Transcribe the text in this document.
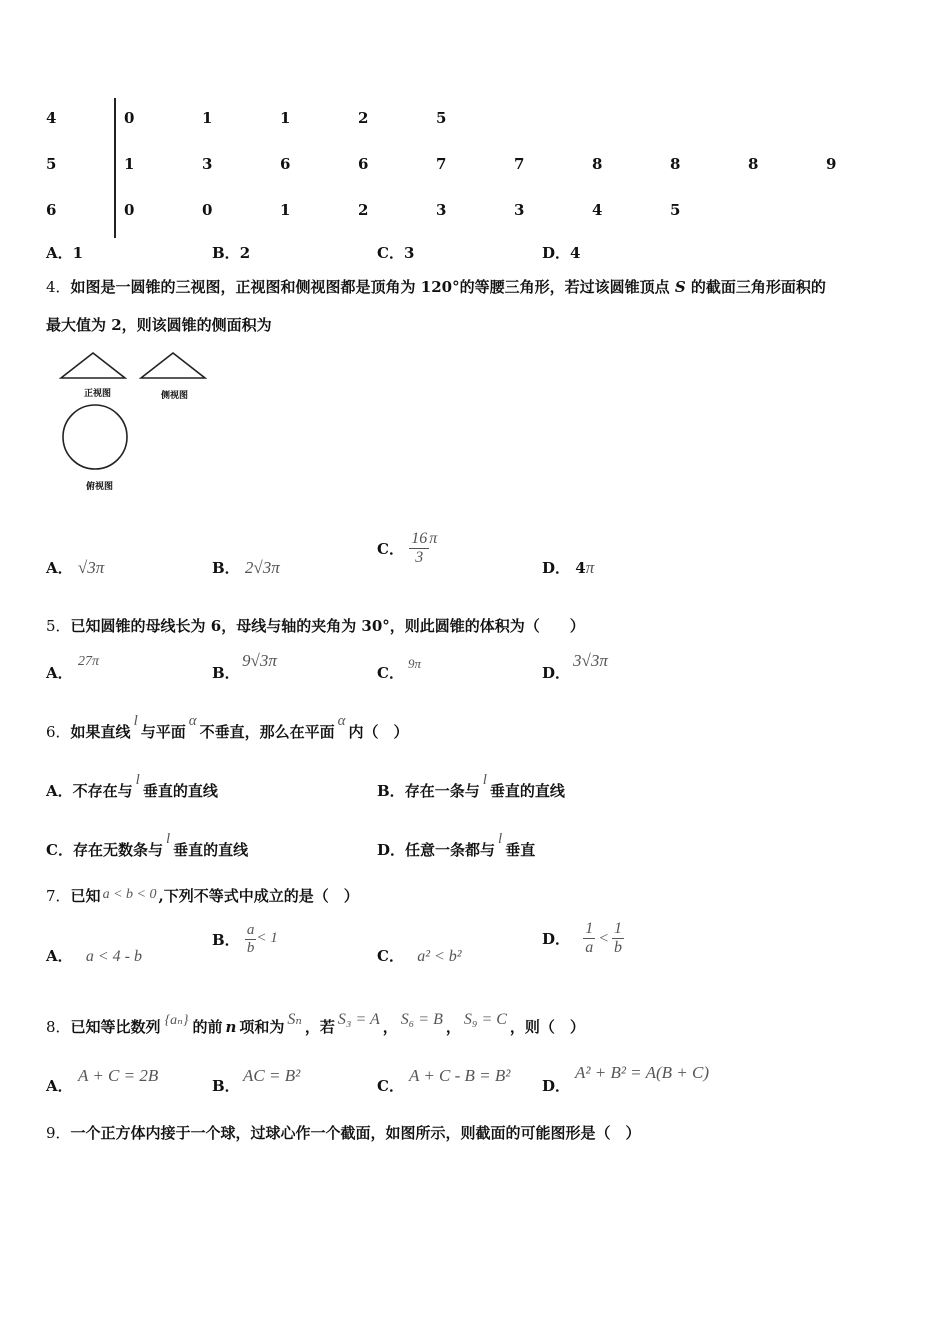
4	0	1	1	2	5
5	1	3	6	6	7	7	8	8	8	9
6	0	0	1	2	3	3	4	5
A．1	B．2	C．3	D．4
4．如图是一圆锥的三视图，正视图和侧视图都是顶角为 120°的等腰三角形，若过该圆锥顶点 S 的截面三角形面积的
最大值为 2，则该圆锥的侧面积为
正视图	侧视图
俯视图
A． √3π	B． 2√3π
C． $\frac{16}{3}$ π
D． 4π
5．已知圆锥的母线长为 6，母线与轴的夹角为 30°，则此圆锥的体积为（　　）
A．
27π
B．
9√3π
C．
9π
D．
3√3π
6．如果直线l与平面α不垂直，那么在平面α内（　）
A．不存在与l垂直的直线	B．存在一条与l垂直的直线
C．存在无数条与l垂直的直线	D．任意一条都与l垂直
7．已知 a < b < 0 ,下列不等式中成立的是（　）
A． a < 4 - b
B． $\frac{a}{b} < 1$
C． a² < b²
D． $\frac{1}{a} < \frac{1}{b}$
8．已知等比数列 {aₙ} 的前 n 项和为 Sₙ ，若 S₃ = A ， S₆ = B ， S₉ = C ，则（　）
A．
A + C = 2B
B．
AC = B²
C．
A + C - B = B²
D．
A² + B² = A(B + C)
9．一个正方体内接于一个球，过球心作一个截面，如图所示，则截面的可能图形是（　）
